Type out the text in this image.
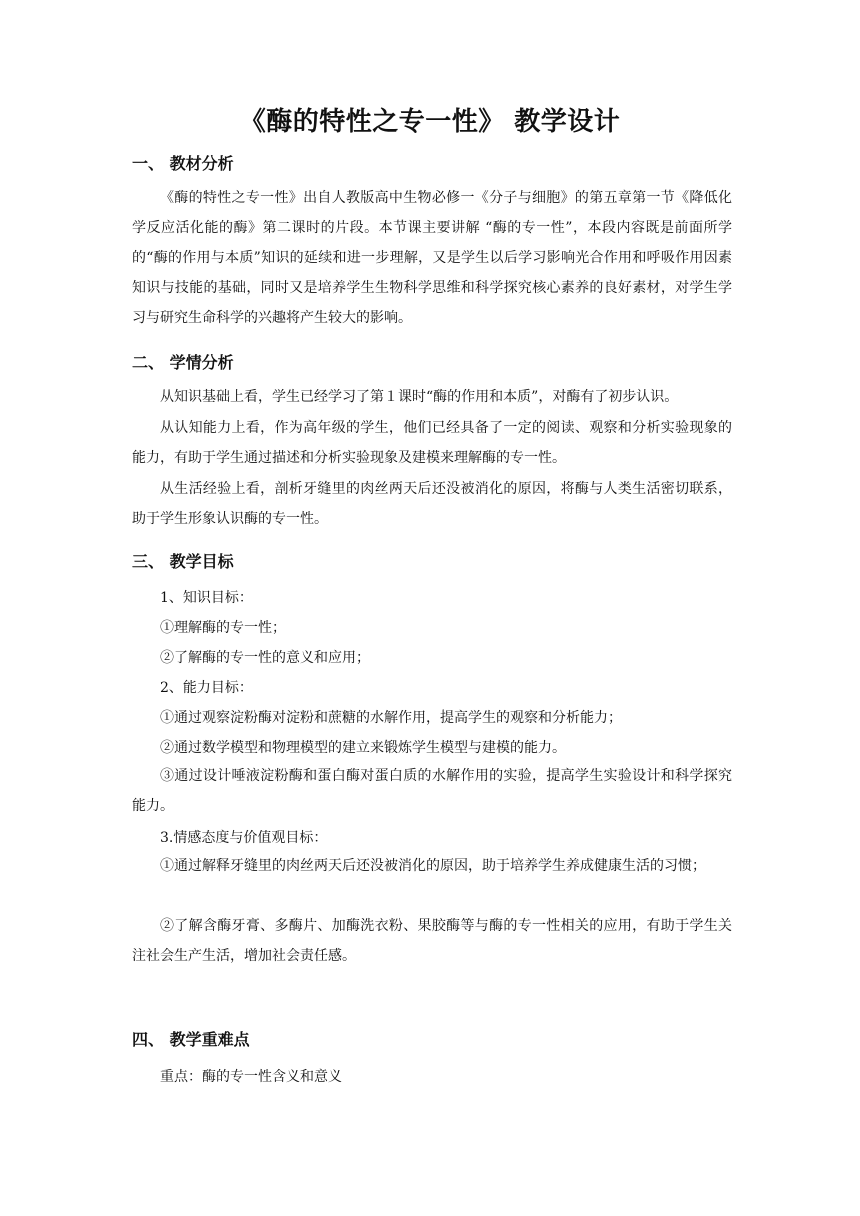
《酶的特性之专一性》 教学设计
一、 教材分析
《酶的特性之专一性》出自人教版高中生物必修一《分子与细胞》的第五章第一节《降低化学反应活化能的酶》第二课时的片段。本节课主要讲解 “酶的专一性”，本段内容既是前面所学的“酶的作用与本质”知识的延续和进一步理解，又是学生以后学习影响光合作用和呼吸作用因素知识与技能的基础，同时又是培养学生生物科学思维和科学探究核心素养的良好素材，对学生学习与研究生命科学的兴趣将产生较大的影响。
二、 学情分析
从知识基础上看，学生已经学习了第１课时“酶的作用和本质”，对酶有了初步认识。
从认知能力上看，作为高年级的学生，他们已经具备了一定的阅读、观察和分析实验现象的能力，有助于学生通过描述和分析实验现象及建模来理解酶的专一性。
从生活经验上看，剖析牙缝里的肉丝两天后还没被消化的原因，将酶与人类生活密切联系，助于学生形象认识酶的专一性。
三、 教学目标
1、知识目标：
①理解酶的专一性；
②了解酶的专一性的意义和应用；
2、能力目标：
①通过观察淀粉酶对淀粉和蔗糖的水解作用，提高学生的观察和分析能力；
②通过数学模型和物理模型的建立来锻炼学生模型与建模的能力。
③通过设计唾液淀粉酶和蛋白酶对蛋白质的水解作用的实验，提高学生实验设计和科学探究能力。
3.情感态度与价值观目标：
①通过解释牙缝里的肉丝两天后还没被消化的原因，助于培养学生养成健康生活的习惯；
②了解含酶牙膏、多酶片、加酶洗衣粉、果胶酶等与酶的专一性相关的应用，有助于学生关注社会生产生活，增加社会责任感。
四、 教学重难点
重点：酶的专一性含义和意义
